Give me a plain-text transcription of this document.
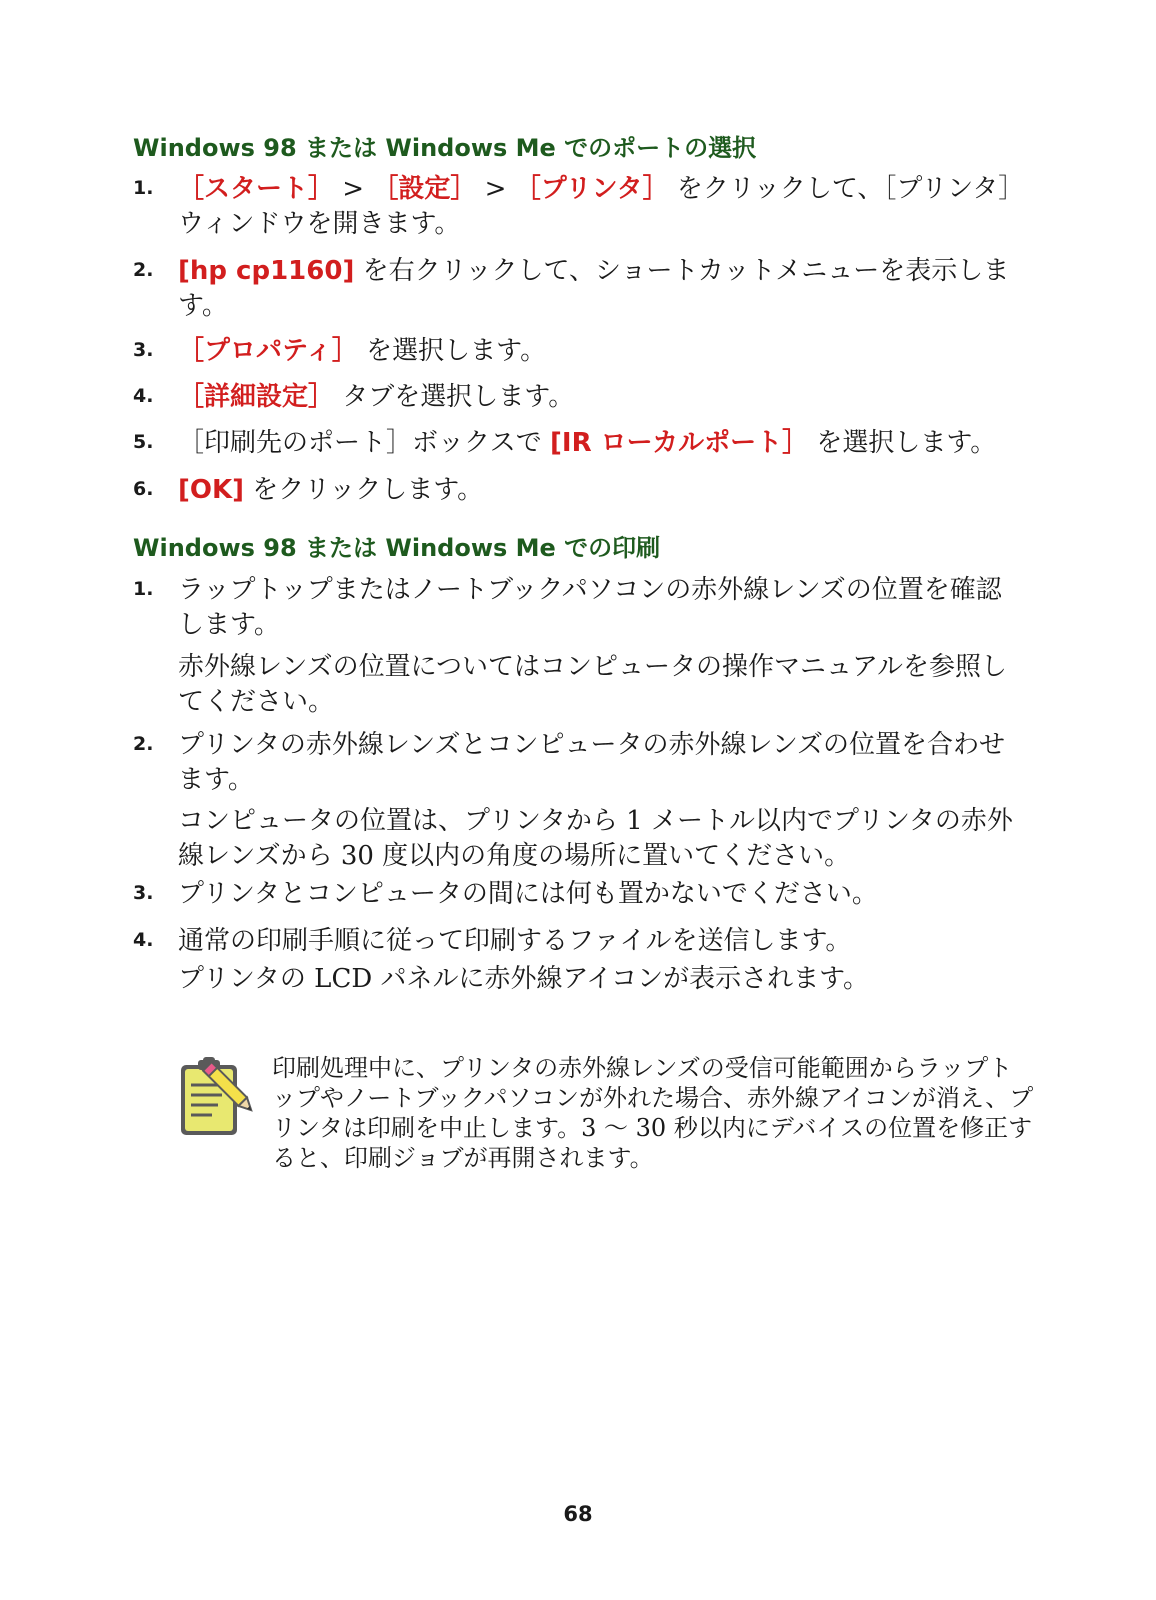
Windows 98 または Windows Me でのポートの選択
1. ［スタート］ > ［設定］ > ［プリンタ］ をクリックして、［プリンタ］ウィンドウを開きます。
2. [hp cp1160] を右クリックして、ショートカットメニューを表示します。
3. ［プロパティ］ を選択します。
4. ［詳細設定］ タブを選択します。
5. ［印刷先のポート］ボックスで [IR ローカルポート］ を選択します。
6. [OK] をクリックします。
Windows 98 または Windows Me での印刷
1. ラップトップまたはノートブックパソコンの赤外線レンズの位置を確認します。
赤外線レンズの位置についてはコンピュータの操作マニュアルを参照してください。
2. プリンタの赤外線レンズとコンピュータの赤外線レンズの位置を合わせます。
コンピュータの位置は、プリンタから 1 メートル以内でプリンタの赤外線レンズから 30 度以内の角度の場所に置いてください。
3. プリンタとコンピュータの間には何も置かないでください。
4. 通常の印刷手順に従って印刷するファイルを送信します。
プリンタの LCD パネルに赤外線アイコンが表示されます。
印刷処理中に、プリンタの赤外線レンズの受信可能範囲からラップトップやノートブックパソコンが外れた場合、赤外線アイコンが消え、プリンタは印刷を中止します。3 〜 30 秒以内にデバイスの位置を修正すると、印刷ジョブが再開されます。
68
